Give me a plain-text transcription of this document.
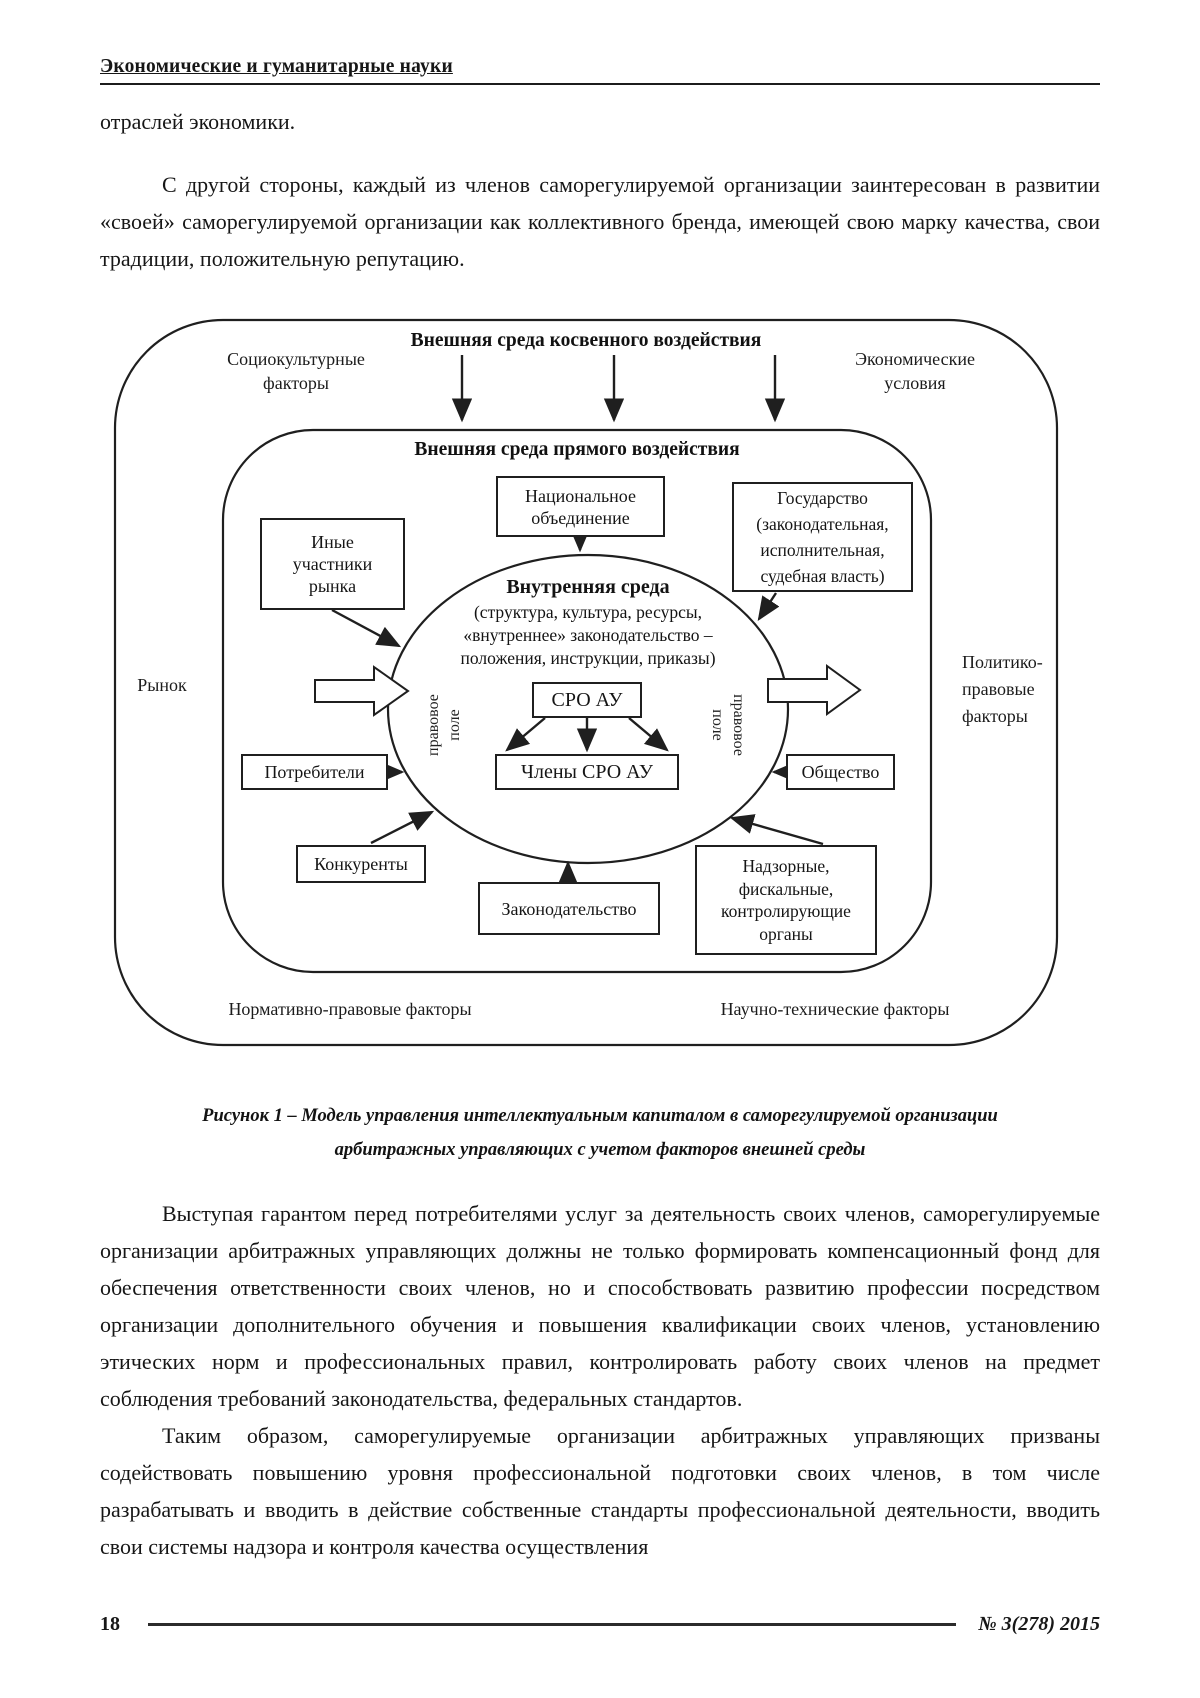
Экономические и гуманитарные науки

отраслей экономики.

С другой стороны, каждый из членов саморегулируемой организации заинтересован в развитии «своей» саморегулируемой организации как коллективного бренда, имеющей свою марку качества, свои традиции, положительную репутацию.

Внешняя среда косвенного воздействия
Внешняя среда прямого воздействия
Социокультурные
факторы
Экономические
условия
Рынок
Политико-
правовые
факторы
Нормативно-правовые факторы	Научно-технические факторы
правовое поле	правовое
поле
Внутренняя среда
(структура, культура, ресурсы,
«внутреннее» законодательство –
положения, инструкции, приказы)
Национальное
объединение
Государство
(законодательная,
исполнительная,
судебная власть)
Иные
участники
рынка
СРО АУ
Члены СРО АУ
Потребители	Общество
Конкуренты
Законодательство
Надзорные,
фискальные,
контролирующие
органы
Рисунок 1 – Модель управления интеллектуальным капиталом в саморегулируемой организации
арбитражных управляющих с учетом факторов внешней среды

Выступая гарантом перед потребителями услуг за деятельность своих членов, саморегулируемые организации арбитражных управляющих должны не только формировать компенсационный фонд для обеспечения ответственности своих членов, но и способствовать развитию профессии посредством организации дополнительного обучения и повышения квалификации своих членов, установлению этических норм и профессиональных правил, контролировать работу своих членов на предмет соблюдения требований законодательства, федеральных стандартов.

Таким образом, саморегулируемые организации арбитражных управляющих призваны содействовать повышению уровня профессиональной подготовки своих членов, в том числе разрабатывать и вводить в действие собственные стандарты профессиональной деятельности, вводить свои системы надзора и контроля качества осуществления

18	№ 3(278) 2015
